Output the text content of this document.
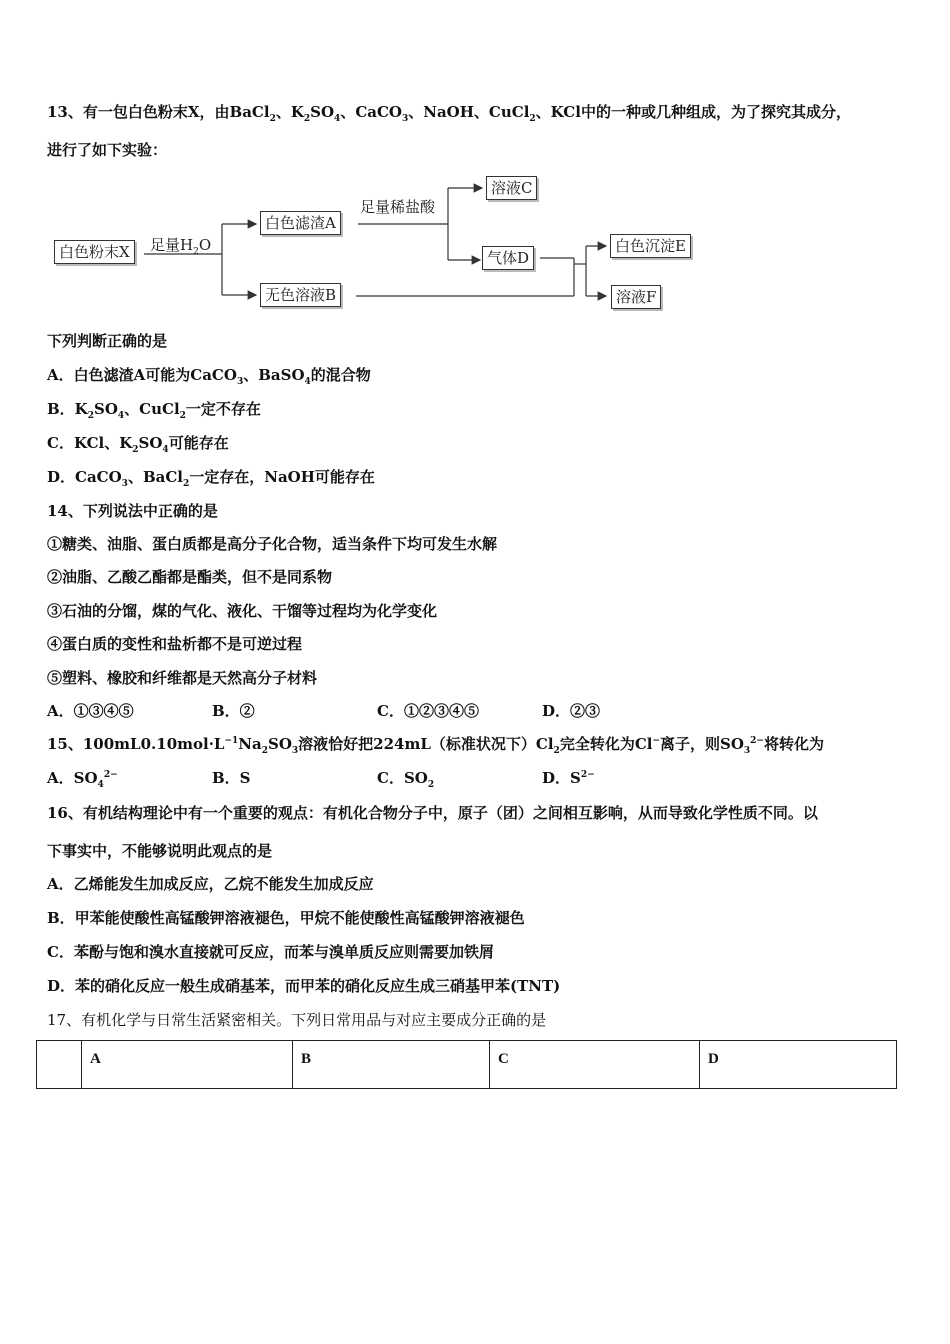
13、有一包白色粉末X，由BaCl$_2$、$K_2SO_4$、CaCO$_3$、NaOH、CuCl$_2$、KCl中的一种或几种组成，为了探究其成分，
进行了如下实验：
白色粉末X	足量$H_2O$
白色滤渣A
足量稀盐酸
溶液C
气体D
无色溶液B
白色沉淀E
溶液F
下列判断正确的是
A．白色滤渣A可能为CaCO$_3$、BaSO$_4$的混合物
B．$K_2SO_4$、CuCl$_2$一定不存在
C．KCl、$K_2SO_4$可能存在
D．CaCO$_3$、BaCl$_2$一定存在，NaOH可能存在
14、下列说法中正确的是
①糖类、油脂、蛋白质都是高分子化合物，适当条件下均可发生水解
②油脂、乙酸乙酯都是酯类，但不是同系物
③石油的分馏，煤的气化、液化、干馏等过程均为化学变化
④蛋白质的变性和盐析都不是可逆过程
⑤塑料、橡胶和纤维都是天然高分子材料
A．①③④⑤	B．②	C．①②③④⑤	D．②③
15、$100mL0.10mol\cdot L^{-1}Na_2SO_3$溶液恰好把224mL（标准状况下）$Cl_2$完全转化为Cl−离子，则$SO_3^{2-}$将转化为
A．$SO_4^{2-}$	B．S	C．$SO_2$	D．$S^{2-}$
16、有机结构理论中有一个重要的观点：有机化合物分子中，原子（团）之间相互影响，从而导致化学性质不同。以
下事实中，不能够说明此观点的是
A．乙烯能发生加成反应，乙烷不能发生加成反应
B．甲苯能使酸性高锰酸钾溶液褪色，甲烷不能使酸性高锰酸钾溶液褪色
C．苯酚与饱和溴水直接就可反应，而苯与溴单质反应则需要加铁屑
D．苯的硝化反应一般生成硝基苯，而甲苯的硝化反应生成三硝基甲苯(TNT)
17、有机化学与日常生活紧密相关。下列日常用品与对应主要成分正确的是
	A	B	C	D
